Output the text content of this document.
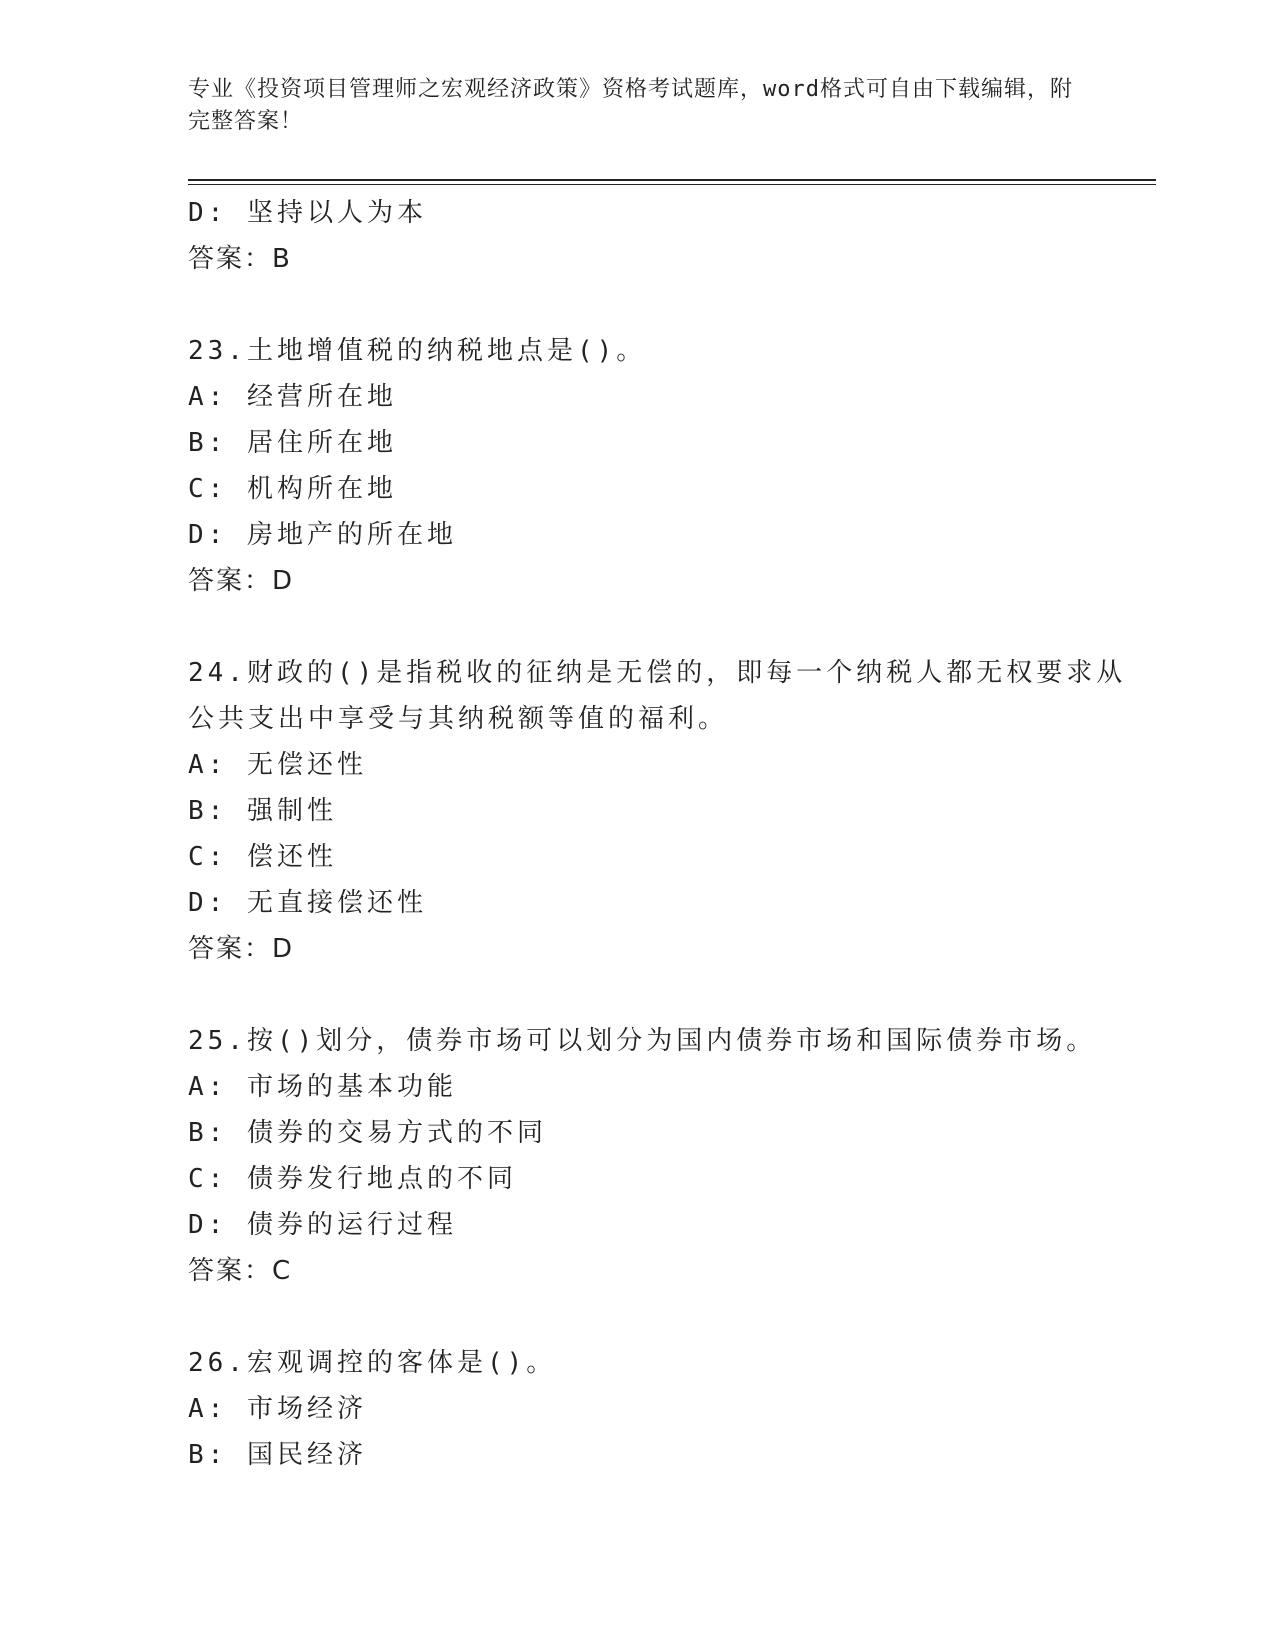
专业《投资项目管理师之宏观经济政策》资格考试题库，word格式可自由下载编辑，附完整答案！
D: 坚持以人为本
答案：B
23.土地增值税的纳税地点是()。
A: 经营所在地
B: 居住所在地
C: 机构所在地
D: 房地产的所在地
答案：D
24.财政的()是指税收的征纳是无偿的，即每一个纳税人都无权要求从
公共支出中享受与其纳税额等值的福利。
A: 无偿还性
B: 强制性
C: 偿还性
D: 无直接偿还性
答案：D
25.按()划分，债券市场可以划分为国内债券市场和国际债券市场。
A: 市场的基本功能
B: 债券的交易方式的不同
C: 债券发行地点的不同
D: 债券的运行过程
答案：C
26.宏观调控的客体是()。
A: 市场经济
B: 国民经济
